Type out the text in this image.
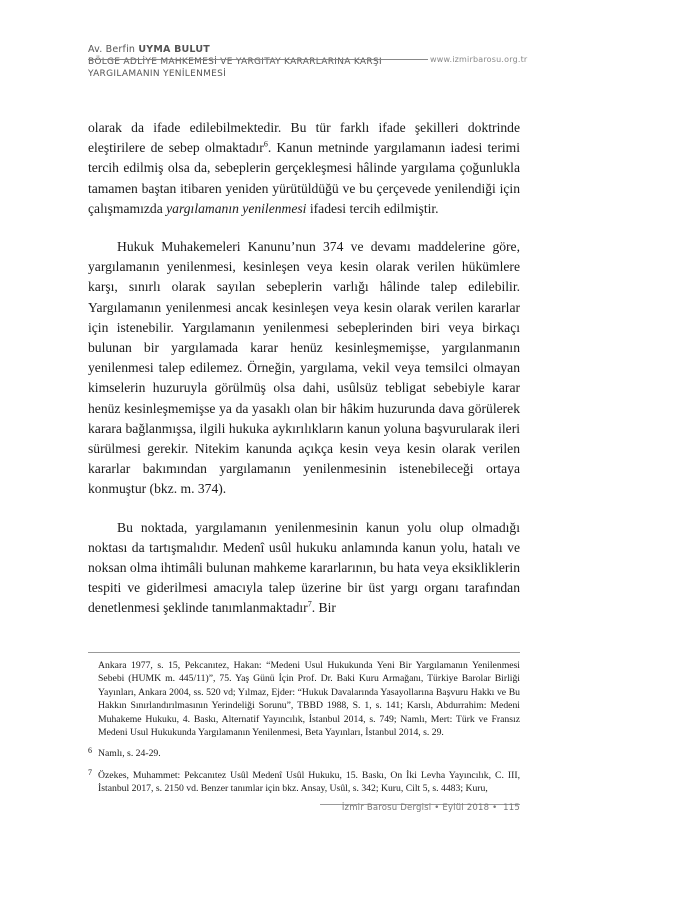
Av. Berfin UYMA BULUT
BÖLGE ADLİYE MAHKEMESİ VE YARGITAY KARARLARINA KARŞI
YARGILAMANIN YENİLENMESİ
www.izmirbarosu.org.tr

olarak da ifade edilebilmektedir. Bu tür farklı ifade şekilleri doktrinde eleştirilere de sebep olmaktadır$^6$. Kanun metninde yargılamanın iadesi terimi tercih edilmiş olsa da, sebeplerin gerçekleşmesi hâlinde yargılama çoğunlukla tamamen baştan itibaren yeniden yürütüldüğü ve bu çerçevede yenilendiği için çalışmamızda yargılamanın yenilenmesi ifadesi tercih edilmiştir.

Hukuk Muhakemeleri Kanunu’nun 374 ve devamı maddelerine göre, yargılamanın yenilenmesi, kesinleşen veya kesin olarak verilen hükümlere karşı, sınırlı olarak sayılan sebeplerin varlığı hâlinde talep edilebilir. Yargılamanın yenilenmesi ancak kesinleşen veya kesin olarak verilen kararlar için istenebilir. Yargılamanın yenilenmesi sebeplerinden biri veya birkaçı bulunan bir yargılamada karar henüz kesinleşmemişse, yargılanmanın yenilenmesi talep edilemez. Örneğin, yargılama, vekil veya temsilci olmayan kimselerin huzuruyla görülmüş olsa dahi, usûlsüz tebligat sebebiyle karar henüz kesinleşmemişse ya da yasaklı olan bir hâkim huzurunda dava görülerek karara bağlanmışsa, ilgili hukuka aykırılıkların kanun yoluna başvurularak ileri sürülmesi gerekir. Nitekim kanunda açıkça kesin veya kesin olarak verilen kararlar bakımından yargılamanın yenilenmesinin istenebileceği ortaya konmuştur (bkz. m. 374).

Bu noktada, yargılamanın yenilenmesinin kanun yolu olup olmadığı noktası da tartışmalıdır. Medenî usûl hukuku anlamında kanun yolu, hatalı ve noksan olma ihtimâli bulunan mahkeme kararlarının, bu hata veya eksikliklerin tespiti ve giderilmesi amacıyla talep üzerine bir üst yargı organı tarafından denetlenmesi şeklinde tanımlanmaktadır$^7$. Bir

Ankara 1977, s. 15, Pekcanıtez, Hakan: “Medeni Usul Hukukunda Yeni Bir Yargılamanın Yenilenmesi Sebebi (HUMK m. 445/11)”, 75. Yaş Günü İçin Prof. Dr. Baki Kuru Armağanı, Türkiye Barolar Birliği Yayınları, Ankara 2004, ss. 520 vd; Yılmaz, Ejder: “Hukuk Davalarında Yasayollarına Başvuru Hakkı ve Bu Hakkın Sınırlandırılmasının Yerindeliği Sorunu”, TBBD 1988, S. 1, s. 141; Karslı, Abdurrahim: Medeni Muhakeme Hukuku, 4. Baskı, Alternatif Yayıncılık, İstanbul 2014, s. 749; Namlı, Mert: Türk ve Fransız Medeni Usul Hukukunda Yargılamanın Yenilenmesi, Beta Yayınları, İstanbul 2014, s. 29.
6 Namlı, s. 24-29.
7 Özekes, Muhammet: Pekcanıtez Usûl Medenî Usûl Hukuku, 15. Baskı, On İki Levha Yayıncılık, C. III, İstanbul 2017, s. 2150 vd. Benzer tanımlar için bkz. Ansay, Usûl, s. 342; Kuru, Cilt 5, s. 4483; Kuru,
İzmir Barosu Dergisi • Eylül 2018 • 115
